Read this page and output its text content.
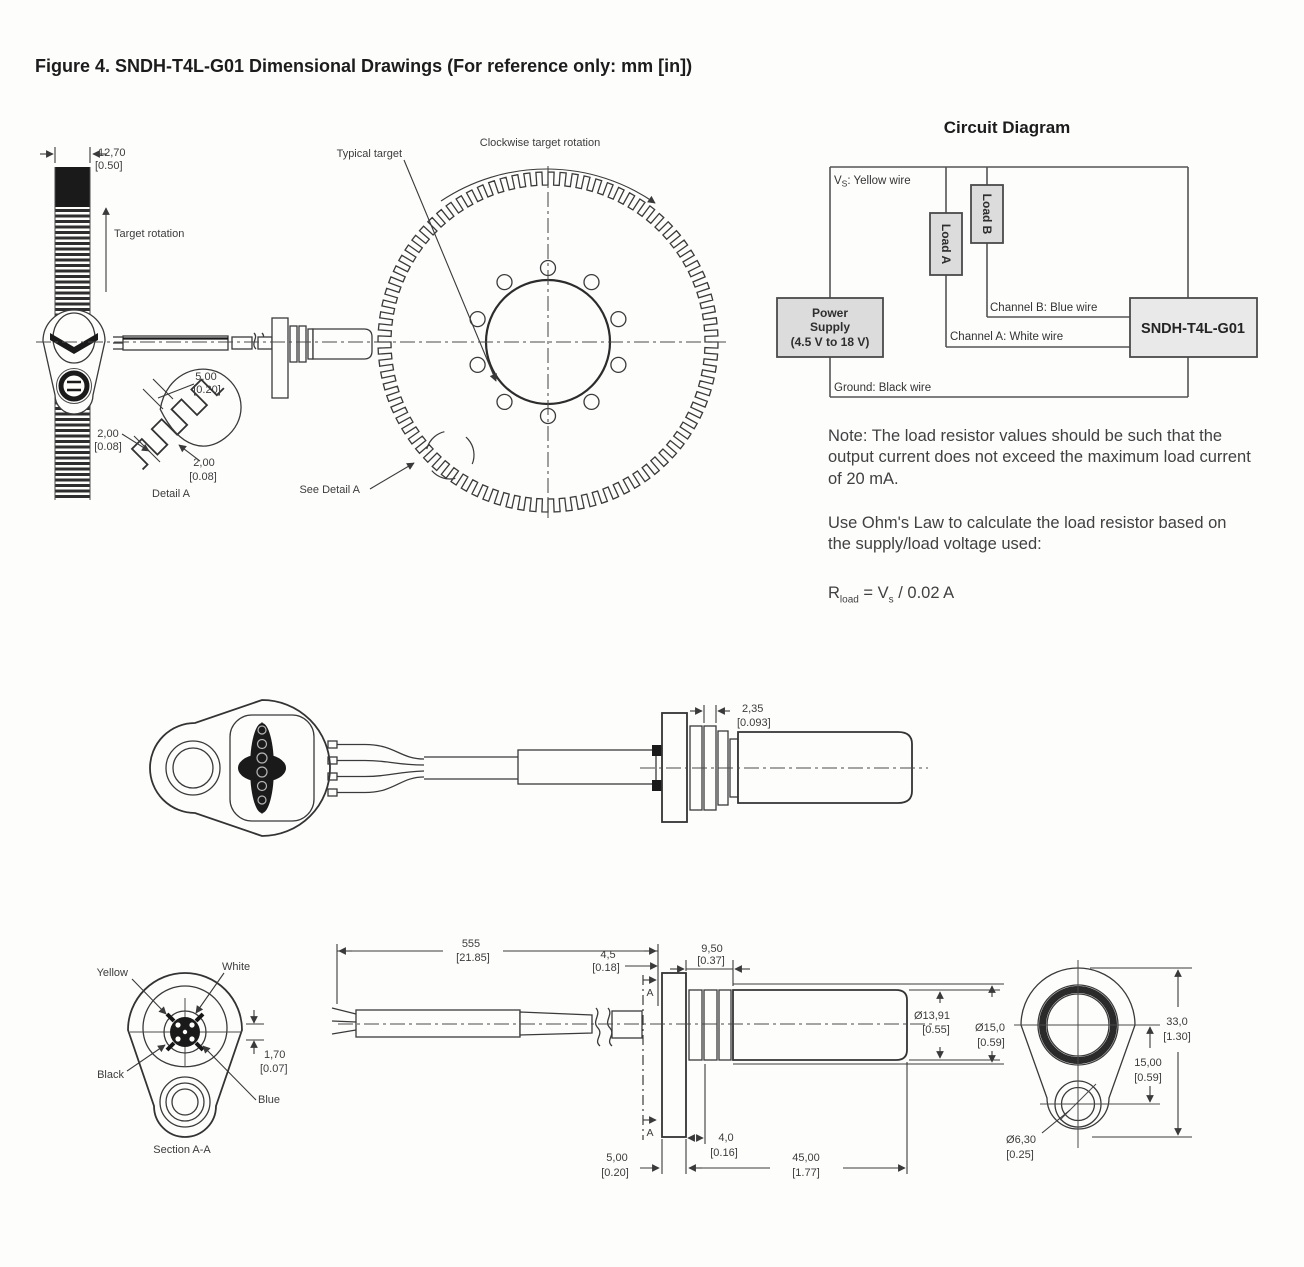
Figure 4. SNDH-T4L-G01 Dimensional Drawings (For reference only: mm [in])
12,70
[0.50]
Target rotation
5,00
[0.20]
2,00
[0.08]
2,00
[0.08]
Detail A
Typical target
Clockwise target rotation
See Detail A
Circuit Diagram
Power
Supply
(4.5 V to 18 V)
Load A
Load B
SNDH-T4L-G01
$V_S$: Yellow wire
Channel B: Blue wire
Channel A: White wire
Ground: Black wire
2,35
[0.093]
Yellow	White
Black
Blue
1,70
[0.07]
Section A-A
A
A
555
[21.85]	4,5
[0.18]
9,50
[0.37]
Ø13,91
[0.55] Ø15,0
[0.59]
4,0
[0.16]
5,00
[0.20]
45,00
[1.77]
33,0
[1.30]
15,00
[0.59]
Ø6,30
[0.25]
Note: The load resistor values should be such that the output current does not exceed the maximum load current of 20 mA.
Use Ohm's Law to calculate the load resistor based on the supply/load voltage used:
$R_{load} = V_s / 0.02$ A
